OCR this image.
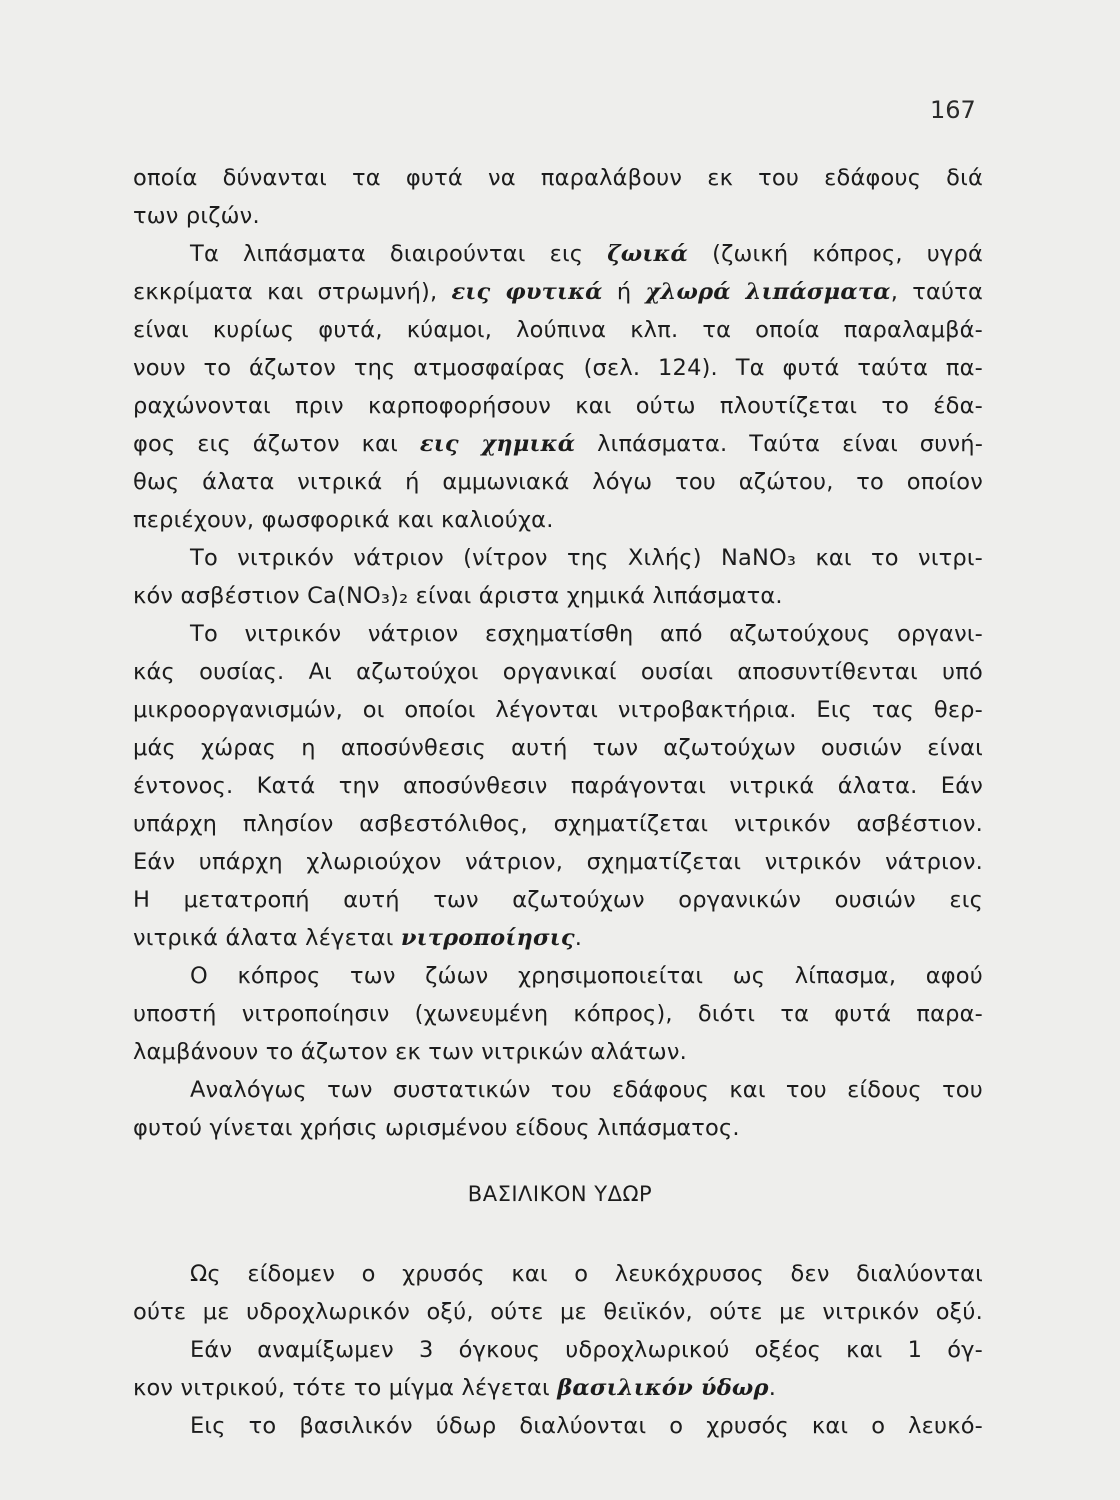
167
οποία δύνανται τα φυτά να παραλάβουν εκ του εδάφους διά
των ριζών.
Τα λιπάσματα διαιρούνται εις ζωικά (ζωική κόπρος, υγρά
εκκρίματα και στρωμνή), εις φυτικά ή χλωρά λιπάσματα, ταύτα
είναι κυρίως φυτά, κύαμοι, λούπινα κλπ. τα οποία παραλαμβά-
νουν το άζωτον της ατμοσφαίρας (σελ. 124). Τα φυτά ταύτα πα-
ραχώνονται πριν καρποφορήσουν και ούτω πλουτίζεται το έδα-
φος εις άζωτον και εις χημικά λιπάσματα. Ταύτα είναι συνή-
θως άλατα νιτρικά ή αμμωνιακά λόγω του αζώτου, το οποίον
περιέχουν, φωσφορικά και καλιούχα.
Το νιτρικόν νάτριον (νίτρον της Χιλής) NaNO₃ και το νιτρι-
κόν ασβέστιον Ca(NO₃)₂ είναι άριστα χημικά λιπάσματα.
Το νιτρικόν νάτριον εσχηματίσθη από αζωτούχους οργανι-
κάς ουσίας. Αι αζωτούχοι οργανικαί ουσίαι αποσυντίθενται υπό
μικροοργανισμών, οι οποίοι λέγονται νιτροβακτήρια. Εις τας θερ-
μάς χώρας η αποσύνθεσις αυτή των αζωτούχων ουσιών είναι
έντονος. Κατά την αποσύνθεσιν παράγονται νιτρικά άλατα. Εάν
υπάρχη πλησίον ασβεστόλιθος, σχηματίζεται νιτρικόν ασβέστιον.
Εάν υπάρχη χλωριούχον νάτριον, σχηματίζεται νιτρικόν νάτριον.
Η μετατροπή αυτή των αζωτούχων οργανικών ουσιών εις
νιτρικά άλατα λέγεται νιτροποίησις.
Ο κόπρος των ζώων χρησιμοποιείται ως λίπασμα, αφού
υποστή νιτροποίησιν (χωνευμένη κόπρος), διότι τα φυτά παρα-
λαμβάνουν το άζωτον εκ των νιτρικών αλάτων.
Αναλόγως των συστατικών του εδάφους και του είδους του
φυτού γίνεται χρήσις ωρισμένου είδους λιπάσματος.
ΒΑΣΙΛΙΚΟΝ ΥΔΩΡ
Ως είδομεν ο χρυσός και ο λευκόχρυσος δεν διαλύονται
ούτε με υδροχλωρικόν οξύ, ούτε με θειϊκόν, ούτε με νιτρικόν οξύ.
Εάν αναμίξωμεν 3 όγκους υδροχλωρικού οξέος και 1 όγ-
κον νιτρικού, τότε το μίγμα λέγεται βασιλικόν ύδωρ.
Εις το βασιλικόν ύδωρ διαλύονται ο χρυσός και ο λευκό-
